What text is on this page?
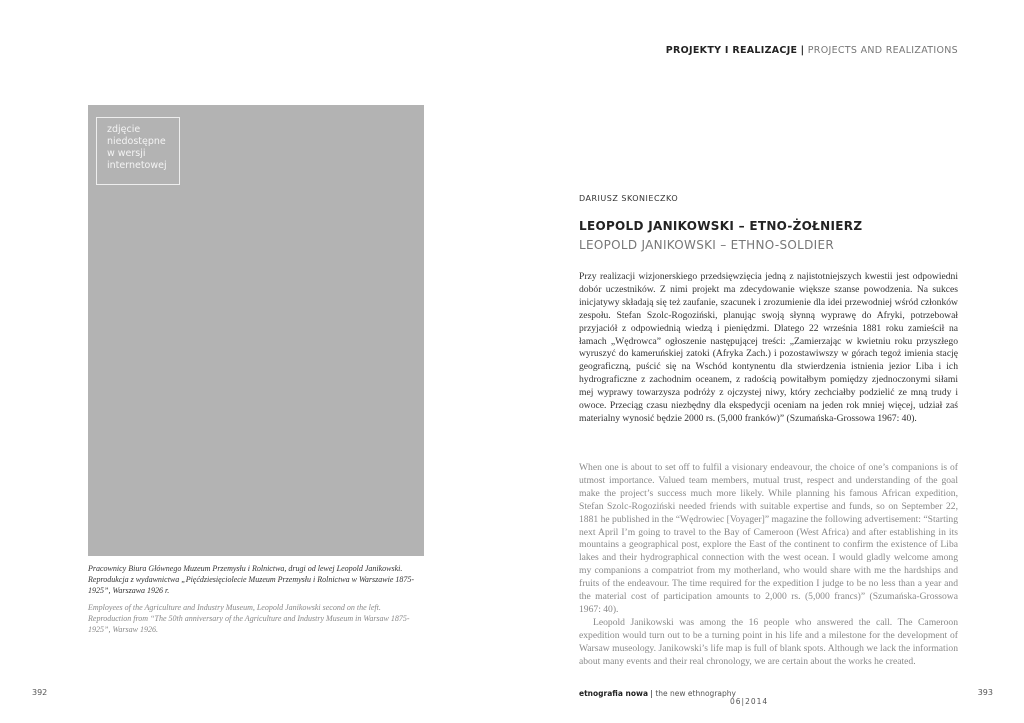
PROJEKTY I REALIZACJE | PROJECTS AND REALIZATIONS
zdjęcie
niedostępne
w wersji
internetowej
Pracownicy Biura Głównego Muzeum Przemysłu i Rolnictwa, drugi od lewej Leopold Janikowski. Reprodukcja z wydawnictwa „Pięćdziesięciolecie Muzeum Przemysłu i Rolnictwa w Warszawie 1875-1925”, Warszawa 1926 r.
Employees of the Agriculture and Industry Museum, Leopold Janikowski second on the left. Reproduction from “The 50th anniversary of the Agriculture and Industry Museum in Warsaw 1875-1925”, Warsaw 1926.
DARIUSZ SKONIECZKO
LEOPOLD JANIKOWSKI – ETNO-ŻOŁNIERZ
LEOPOLD JANIKOWSKI – ETHNO-SOLDIER

Przy realizacji wizjonerskiego przedsięwzięcia jedną z najistotniejszych kwestii jest odpowiedni dobór uczestników. Z nimi projekt ma zdecydowanie większe szanse powodzenia. Na sukces inicjatywy składają się też zaufanie, szacunek i zrozumienie dla idei przewodniej wśród członków zespołu. Stefan Szolc-Rogoziński, planując swoją słynną wyprawę do Afryki, potrzebował przyjaciół z odpowiednią wiedzą i pieniędzmi. Dlatego 22 września 1881 roku zamieścił na łamach „Wędrowca” ogłoszenie następującej treści: „Zamierzając w kwietniu roku przyszłego wyruszyć do kameruńskiej zatoki (Afryka Zach.) i pozostawiwszy w górach tegoż imienia stację geograficzną, puścić się na Wschód kontynentu dla stwierdzenia istnienia jezior Liba i ich hydrograficzne z zachodnim oceanem, z radością powitałbym pomiędzy zjednoczonymi siłami mej wyprawy towarzysza podróży z ojczystej niwy, który zechciałby podzielić ze mną trudy i owoce. Przeciąg czasu niezbędny dla ekspedycji oceniam na jeden rok mniej więcej, udział zaś materialny wynosić będzie 2000 rs. (5,000 franków)” (Szumańska-Grossowa 1967: 40).

When one is about to set off to fulfil a visionary endeavour, the choice of one’s companions is of utmost importance. Valued team members, mutual trust, respect and understanding of the goal make the project’s success much more likely. While planning his famous African expedition, Stefan Szolc-Rogoziński needed friends with suitable expertise and funds, so on September 22, 1881 he published in the “Wędrowiec [Voyager]” magazine the following advertisement: “Starting next April I’m going to travel to the Bay of Cameroon (West Africa) and after establishing in its mountains a geographical post, explore the East of the continent to confirm the existence of Liba lakes and their hydrographical connection with the west ocean. I would gladly welcome among my companions a compatriot from my motherland, who would share with me the hardships and fruits of the endeavour. The time required for the expedition I judge to be no less than a year and the material cost of participation amounts to 2,000 rs. (5,000 francs)” (Szumańska-Grossowa 1967: 40).

Leopold Janikowski was among the 16 people who answered the call. The Cameroon expedition would turn out to be a turning point in his life and a milestone for the development of Warsaw museology. Janikowski’s life map is full of blank spots. Although we lack the information about many events and their real chronology, we are certain about the works he created.

392	393
etnografia nowa | the new ethnography
06|2014
